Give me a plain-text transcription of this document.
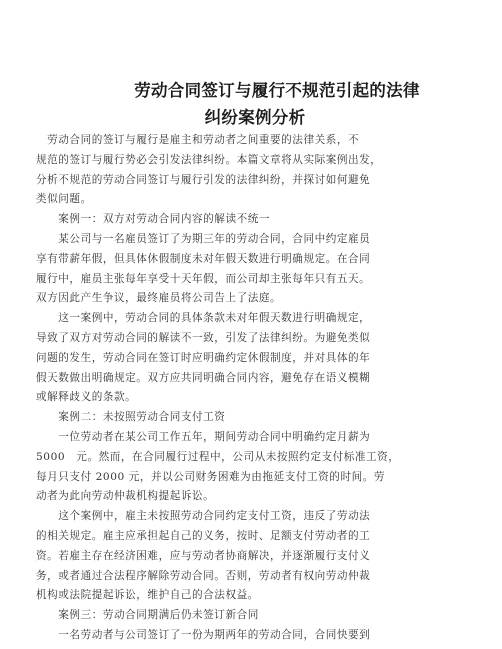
劳动合同签订与履行不规范引起的法律
纠纷案例分析
　劳动合同的签订与履行是雇主和劳动者之间重要的法律关系，不
规范的签订与履行势必会引发法律纠纷。本篇文章将从实际案例出发，
分析不规范的劳动合同签订与履行引发的法律纠纷，并探讨如何避免
类似问题。
　　案例一：双方对劳动合同内容的解读不统一
　　某公司与一名雇员签订了为期三年的劳动合同，合同中约定雇员
享有带薪年假，但具体休假制度未对年假天数进行明确规定。在合同
履行中，雇员主张每年享受十天年假，而公司却主张每年只有五天。
双方因此产生争议，最终雇员将公司告上了法庭。
　　这一案例中，劳动合同的具体条款未对年假天数进行明确规定，
导致了双方对劳动合同的解读不一致，引发了法律纠纷。为避免类似
问题的发生，劳动合同在签订时应明确约定休假制度，并对具体的年
假天数做出明确规定。双方应共同明确合同内容，避免存在语义模糊
或解释歧义的条款。
　　案例二：未按照劳动合同支付工资
　　一位劳动者在某公司工作五年，期间劳动合同中明确约定月薪为
5000　元。然而，在合同履行过程中，公司从未按照约定支付标准工资，
每月只支付 2000 元，并以公司财务困难为由拖延支付工资的时间。劳
动者为此向劳动仲裁机构提起诉讼。
　　这个案例中，雇主未按照劳动合同约定支付工资，违反了劳动法
的相关规定。雇主应承担起自己的义务，按时、足额支付劳动者的工
资。若雇主存在经济困难，应与劳动者协商解决，并逐渐履行支付义
务，或者通过合法程序解除劳动合同。否则，劳动者有权向劳动仲裁
机构或法院提起诉讼，维护自己的合法权益。
　　案例三：劳动合同期满后仍未签订新合同
　　一名劳动者与公司签订了一份为期两年的劳动合同，合同快要到
